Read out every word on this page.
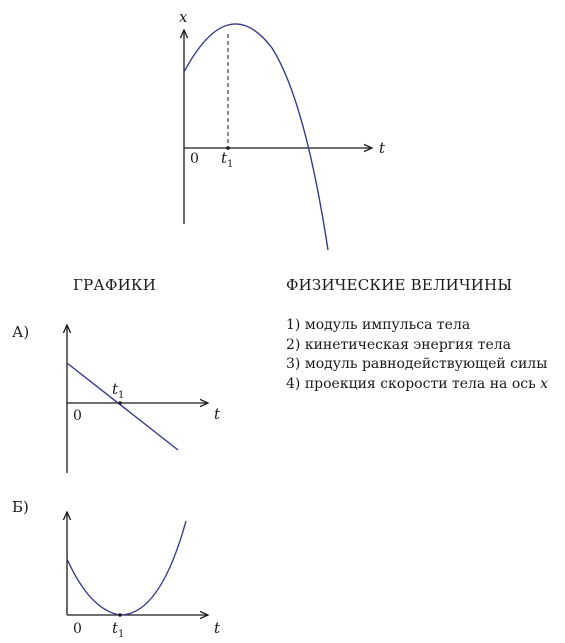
x
t
0 $t_1$
А)
t
0
$t_1$
Б)
t
0 $t_1$
ГРАФИКИ	ФИЗИЧЕСКИЕ ВЕЛИЧИНЫ
1) модуль импульса тела
2) кинетическая энергия тела
3) модуль равнодействующей силы
4) проекция скорости тела на ось x
